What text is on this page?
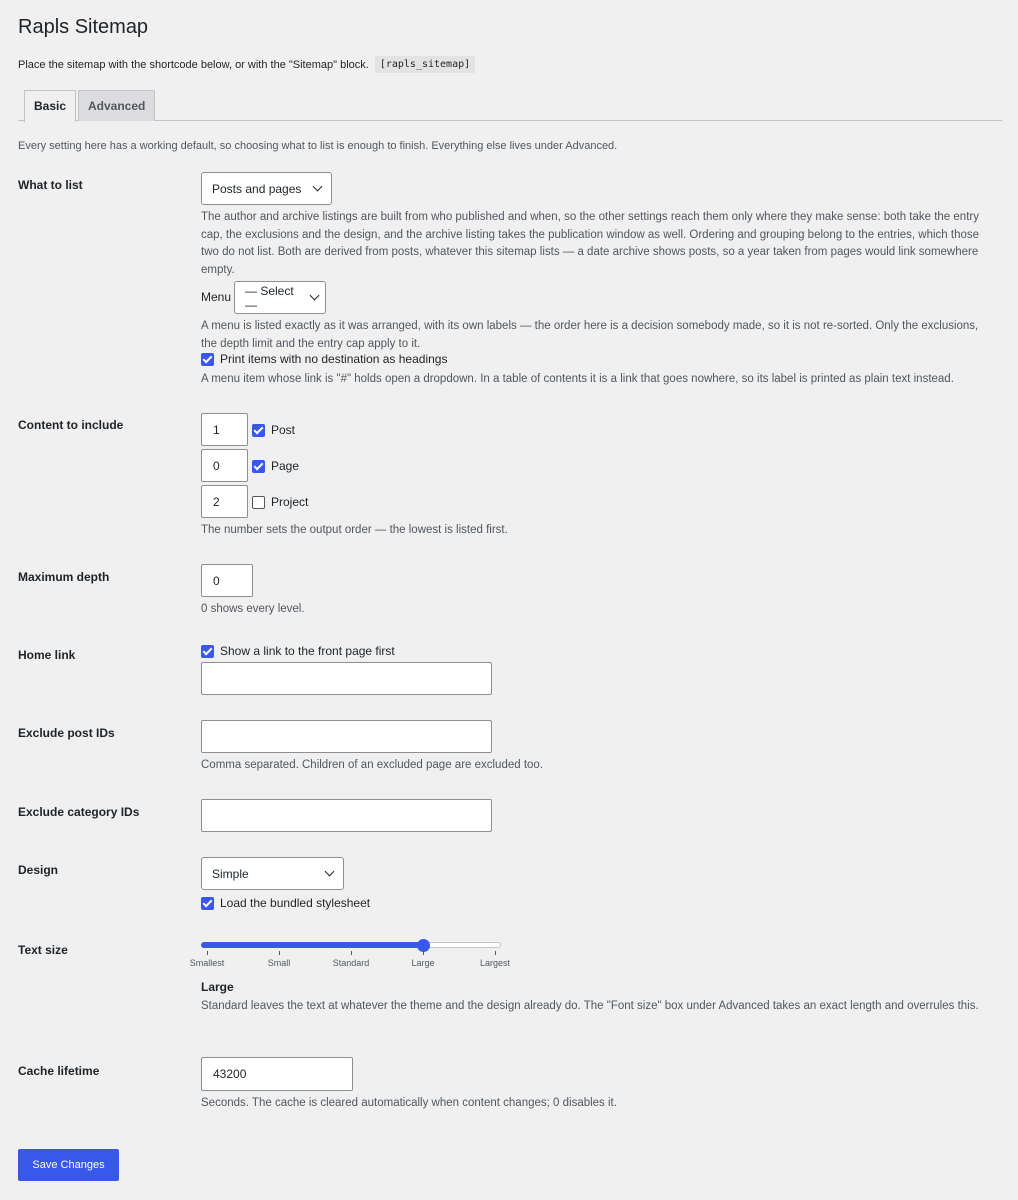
Rapls Sitemap
Place the sitemap with the shortcode below, or with the "Sitemap" block.	[rapls_sitemap]
Basic	Advanced
Every setting here has a working default, so choosing what to list is enough to finish. Everything else lives under Advanced.
What to list	Posts and pages
The author and archive listings are built from who published and when, so the other settings reach them only where they make sense: both take the entry cap, the exclusions and the design, and the archive listing takes the publication window as well. Ordering and grouping belong to the entries, which those two do not list. Both are derived from posts, whatever this sitemap lists — a date archive shows posts, so a year taken from pages would link somewhere empty.
Menu — Select —
A menu is listed exactly as it was arranged, with its own labels — the order here is a decision somebody made, so it is not re-sorted. Only the exclusions, the depth limit and the entry cap apply to it.
Print items with no destination as headings
A menu item whose link is "#" holds open a dropdown. In a table of contents it is a link that goes nowhere, so its label is printed as plain text instead.
Content to include	1	Post
0	Page
2	Project
The number sets the output order — the lowest is listed first.
Maximum depth	0
0 shows every level.
Home link	Show a link to the front page first
Exclude post IDs
Comma separated. Children of an excluded page are excluded too.
Exclude category IDs
Design	Simple
Load the bundled stylesheet
Text size
Smallest	Small	Standard	Large	Largest
Large
Standard leaves the text at whatever the theme and the design already do. The "Font size" box under Advanced takes an exact length and overrules this.
Cache lifetime	43200
Seconds. The cache is cleared automatically when content changes; 0 disables it.
Save Changes
